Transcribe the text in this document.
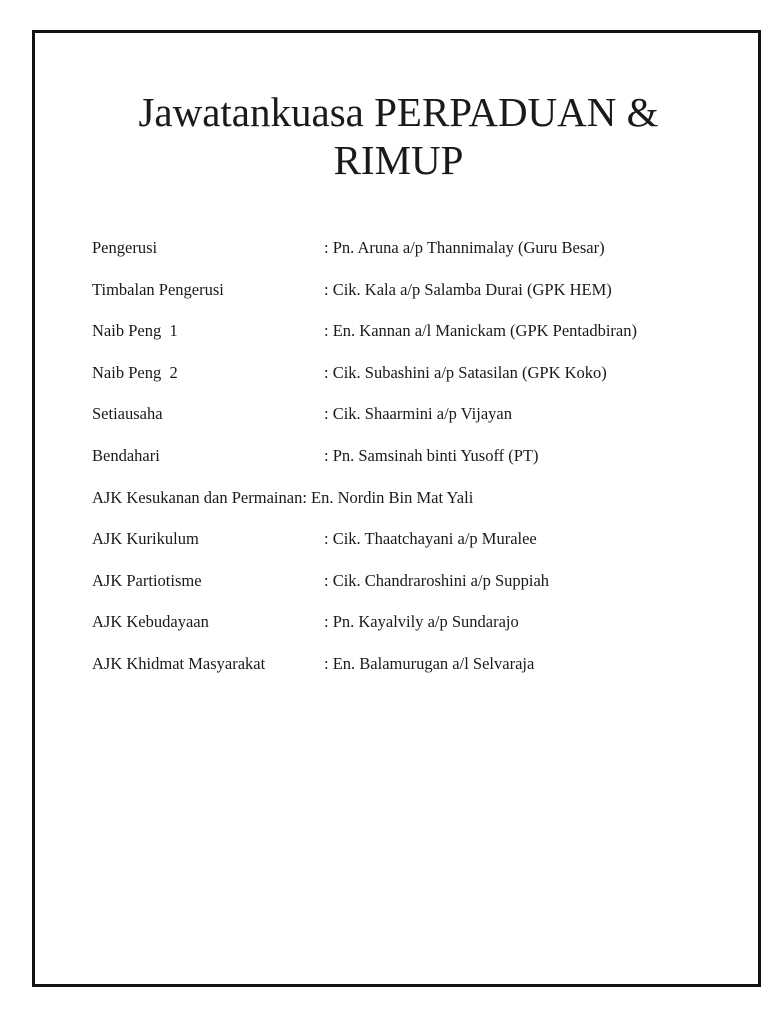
Jawatankuasa PERPADUAN &
RIMUP
Pengerusi	: Pn. Aruna a/p Thannimalay (Guru Besar)
Timbalan Pengerusi	: Cik. Kala a/p Salamba Durai (GPK HEM)
Naib Peng  1	: En. Kannan a/l Manickam (GPK Pentadbiran)
Naib Peng  2	: Cik. Subashini a/p Satasilan (GPK Koko)
Setiausaha	: Cik. Shaarmini a/p Vijayan
Bendahari	: Pn. Samsinah binti Yusoff (PT)
AJK Kesukanan dan Permainan: En. Nordin Bin Mat Yali
AJK Kurikulum	: Cik. Thaatchayani a/p Muralee
AJK Partiotisme	: Cik. Chandraroshini a/p Suppiah
AJK Kebudayaan	: Pn. Kayalvily a/p Sundarajo
AJK Khidmat Masyarakat	: En. Balamurugan a/l Selvaraja
